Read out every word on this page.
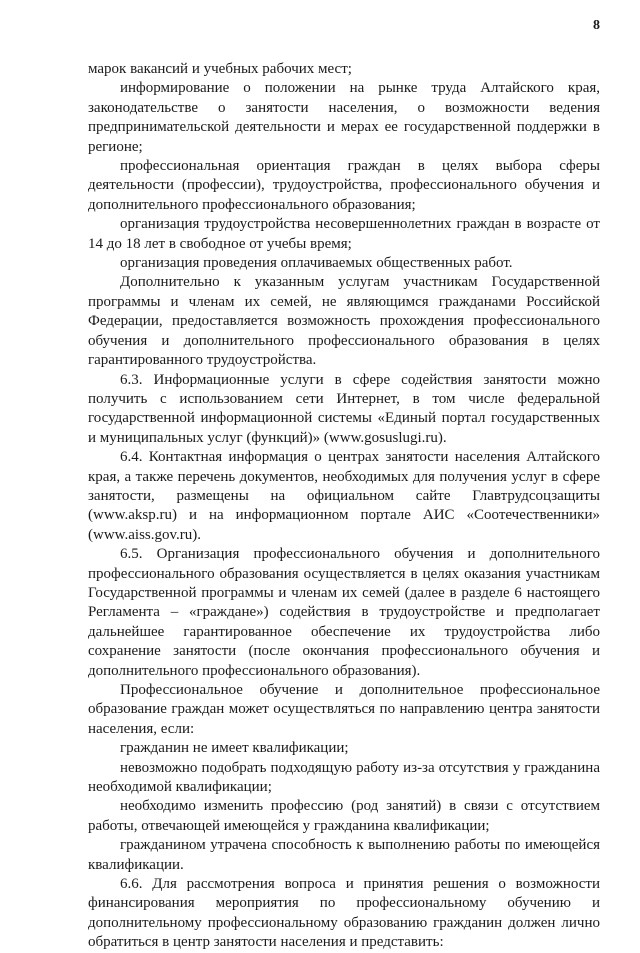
8

марок вакансий и учебных рабочих мест;

информирование о положении на рынке труда Алтайского края, законодательстве о занятости населения, о возможности ведения предпринимательской деятельности и мерах ее государственной поддержки в регионе;

профессиональная ориентация граждан в целях выбора сферы деятельности (профессии), трудоустройства, профессионального обучения и дополнительного профессионального образования;

организация трудоустройства несовершеннолетних граждан в возрасте от 14 до 18 лет в свободное от учебы время;

организация проведения оплачиваемых общественных работ.

Дополнительно к указанным услугам участникам Государственной программы и членам их семей, не являющимся гражданами Российской Федерации, предоставляется возможность прохождения профессионального обучения и дополнительного профессионального образования в целях гарантированного трудоустройства.

6.3. Информационные услуги в сфере содействия занятости можно получить с использованием сети Интернет, в том числе федеральной государственной информационной системы «Единый портал государственных и муниципальных услуг (функций)» (www.gosuslugi.ru).

6.4. Контактная информация о центрах занятости населения Алтайского края, а также перечень документов, необходимых для получения услуг в сфере занятости, размещены на официальном сайте Главтрудсоцзащиты (www.aksp.ru) и на информационном портале АИС «Соотечественники» (www.aiss.gov.ru).

6.5. Организация профессионального обучения и дополнительного профессионального образования осуществляется в целях оказания участникам Государственной программы и членам их семей (далее в разделе 6 настоящего Регламента – «граждане») содействия в трудоустройстве и предполагает дальнейшее гарантированное обеспечение их трудоустройства либо сохранение занятости (после окончания профессионального обучения и дополнительного профессионального образования).

Профессиональное обучение и дополнительное профессиональное образование граждан может осуществляться по направлению центра занятости населения, если:

гражданин не имеет квалификации;

невозможно подобрать подходящую работу из-за отсутствия у гражданина необходимой квалификации;

необходимо изменить профессию (род занятий) в связи с отсутствием работы, отвечающей имеющейся у гражданина квалификации;

гражданином утрачена способность к выполнению работы по имеющейся квалификации.

6.6. Для рассмотрения вопроса и принятия решения о возможности финансирования мероприятия по профессиональному обучению и дополнительному профессиональному образованию гражданин должен лично обратиться в центр занятости населения и представить:
